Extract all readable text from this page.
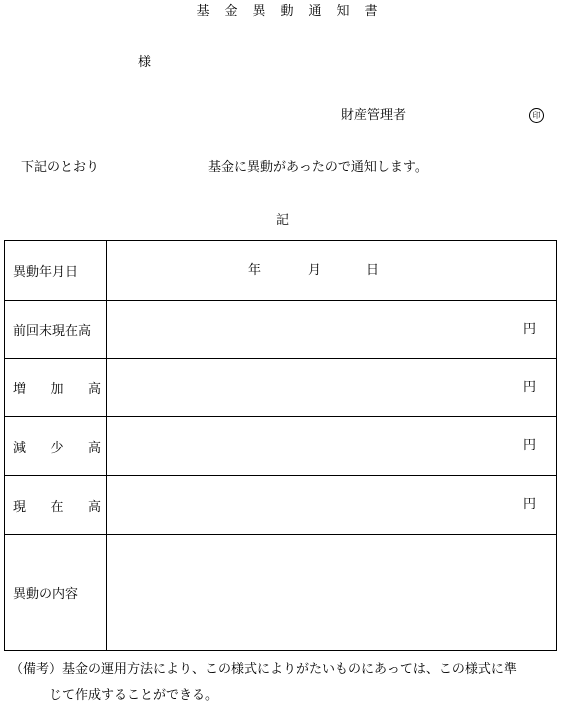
基金異動通知書
様
財産管理者	印
下記のとおり	基金に異動があったので通知します。
記
異動年月日	年 月 日

前回末現在高	円

増 加 高	円

減 少 高	円

現 在 高	円

異動の内容	
（備考）基金の運用方法により、この様式によりがたいものにあっては、この様式に準
じて作成することができる。
